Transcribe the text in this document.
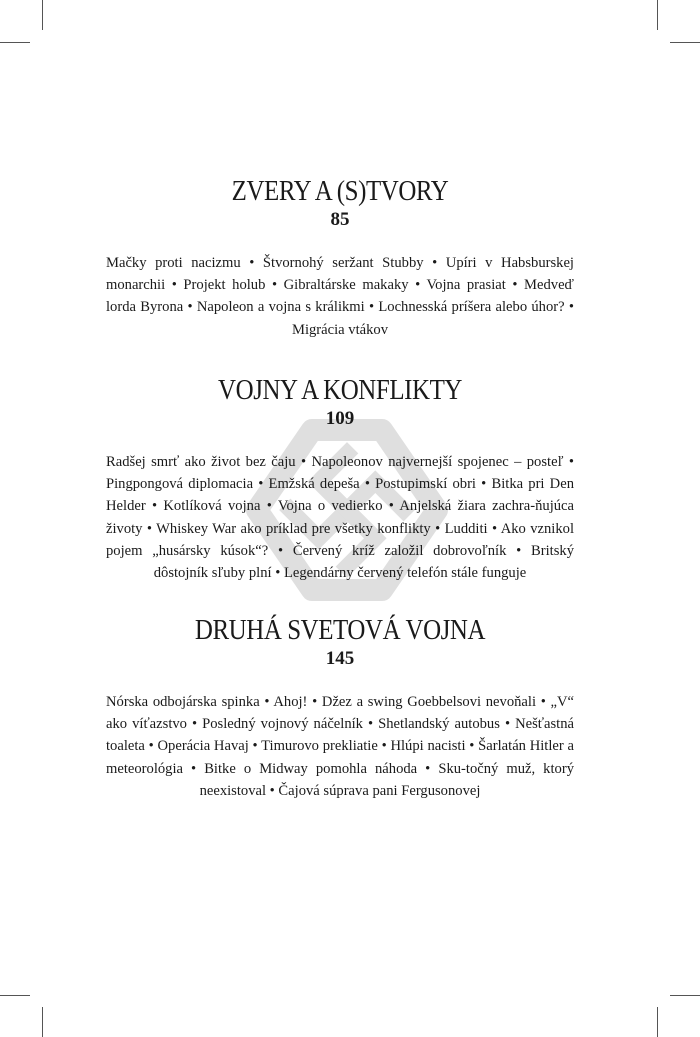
ZVERY A (S)TVORY
85
Mačky proti nacizmu • Štvornohý seržant Stubby • Upíri v Habsburskej monarchii • Projekt holub • Gibraltárske makaky • Vojna prasiat • Medveď lorda Byrona • Napoleon a vojna s králikmi • Lochnesská príšera alebo úhor? • Migrácia vtákov
VOJNY A KONFLIKTY
109
Radšej smrť ako život bez čaju • Napoleonov najvernejší spojenec – posteľ • Pingpongová diplomacia • Emžská depeša • Postupimskí obri • Bitka pri Den Helder • Kotlíková vojna • Vojna o vedierko • Anjelská žiara zachra-ňujúca životy • Whiskey War ako príklad pre všetky konflikty • Ludditi • Ako vznikol pojem „husársky kúsok“? • Červený kríž založil dobrovoľník • Britský dôstojník sľuby plní • Legendárny červený telefón stále funguje
DRUHÁ SVETOVÁ VOJNA
145
Nórska odbojárska spinka • Ahoj! • Džez a swing Goebbelsovi nevoňali • „V“ ako víťazstvo • Posledný vojnový náčelník • Shetlandský autobus • Nešťastná toaleta • Operácia Havaj • Timurovo prekliatie • Hlúpi nacisti • Šarlatán Hitler a meteorológia • Bitke o Midway pomohla náhoda • Sku-točný muž, ktorý neexistoval • Čajová súprava pani Fergusonovej
